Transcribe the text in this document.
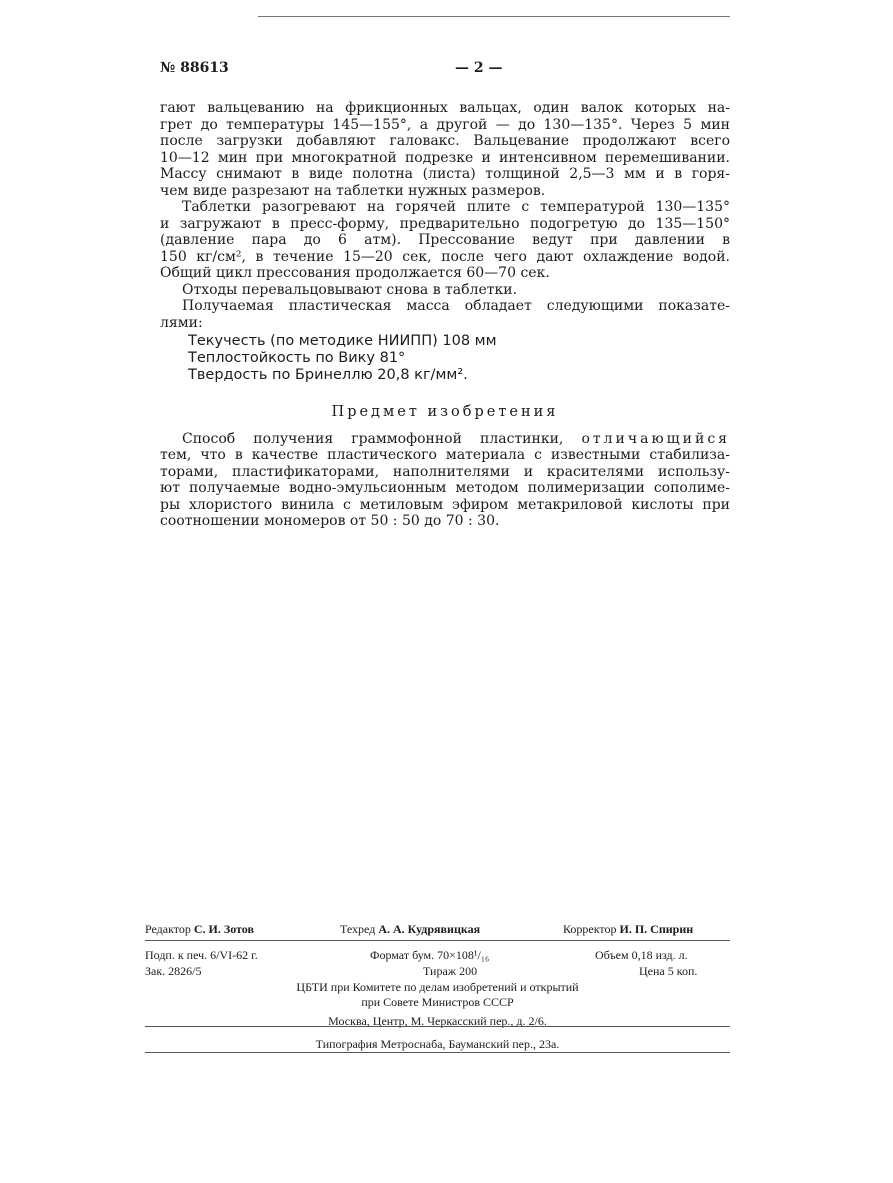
№ 88613	— 2 —

гают вальцеванию на фрикционных вальцах, один валок которых на-

грет до температуры 145—155°, а другой — до 130—135°. Через 5 мин

после загрузки добавляют галовакс. Вальцевание продолжают всего

10—12 мин при многократной подрезке и интенсивном перемешивании.

Массу снимают в виде полотна (листа) толщиной 2,5—3 мм и в горя-

чем виде разрезают на таблетки нужных размеров.

Таблетки разогревают на горячей плите с температурой 130—135°

и загружают в пресс-форму, предварительно подогретую до 135—150°

(давление пара до 6 атм). Прессование ведут при давлении в

150 кг/см², в течение 15—20 сек, после чего дают охлаждение водой.

Общий цикл прессования продолжается 60—70 сек.

Отходы перевальцовывают снова в таблетки.

Получаемая пластическая масса обладает следующими показате-

лями:

Текучесть (по методике НИИПП) 108 мм

Теплостойкость по Вику 81°

Твердость по Бринеллю 20,8 кг/мм².

Предмет изобретения

Способ получения граммофонной пластинки, отличающийся

тем, что в качестве пластического материала с известными стабилиза-

торами, пластификаторами, наполнителями и красителями использу-

ют получаемые водно-эмульсионным методом полимеризации сополиме-

ры хлористого винила с метиловым эфиром метакриловой кислоты при

соотношении мономеров от 50 : 50 до 70 : 30.

Редактор С. И. Зотов	Техред А. А. Кудрявицкая	Корректор И. П. Спирин
Подп. к печ. 6/VI-62 г.	Формат бум. 70×108¹/₁₆	Объем 0,18 изд. л.
Зак. 2826/5	Тираж 200	Цена 5 коп.
ЦБТИ при Комитете по делам изобретений и открытий
при Совете Министров СССР
Москва, Центр, М. Черкасский пер., д. 2/6.
Типография Метроснаба, Бауманский пер., 23а.
